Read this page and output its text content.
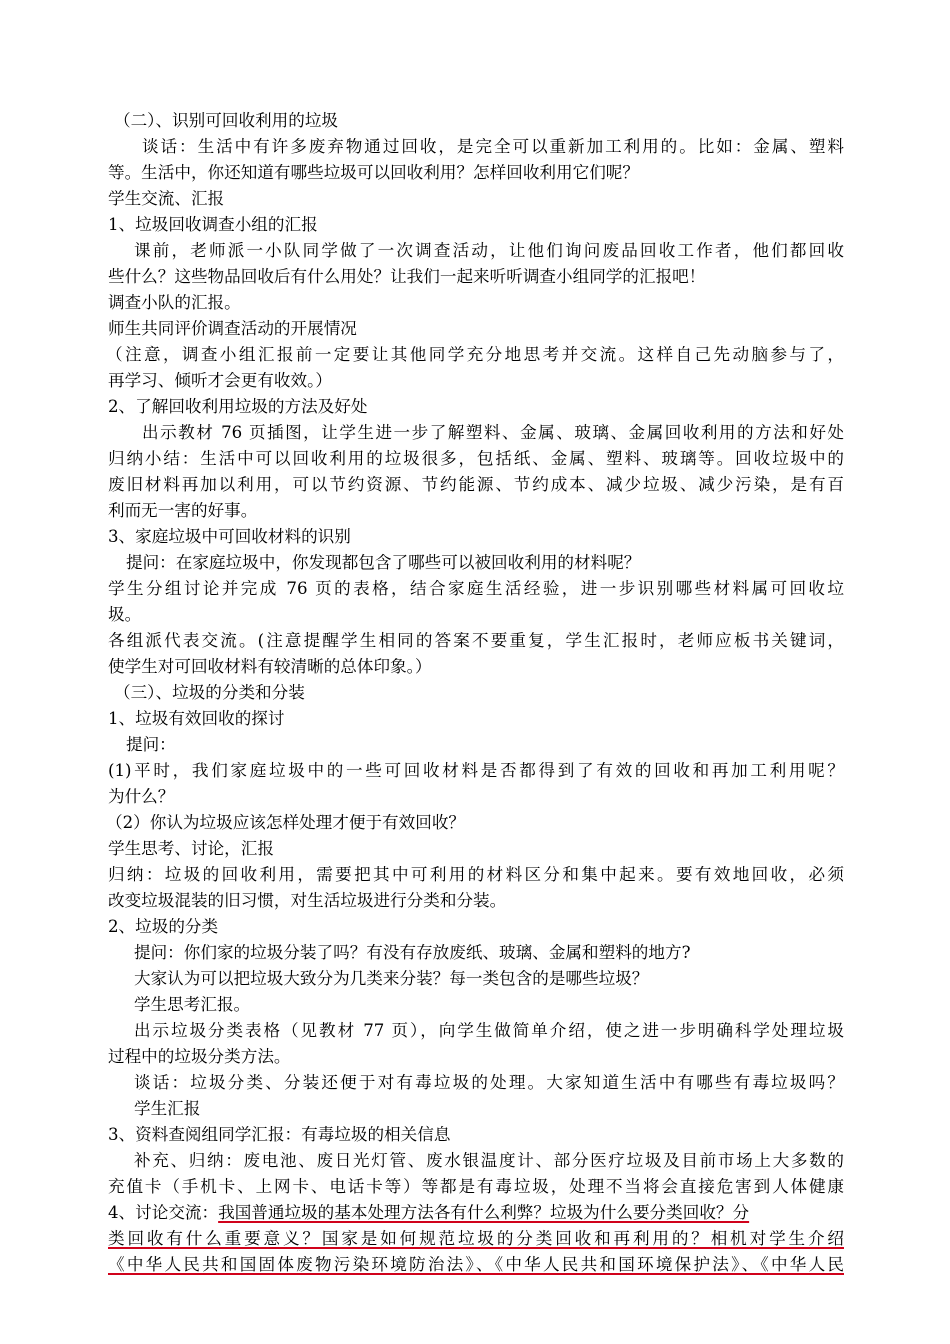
（二）、识别可回收利用的垃圾
谈话：生活中有许多废弃物通过回收，是完全可以重新加工利用的。比如：金属、塑料
等。生活中，你还知道有哪些垃圾可以回收利用？怎样回收利用它们呢？
学生交流、汇报
1、垃圾回收调查小组的汇报
课前，老师派一小队同学做了一次调查活动，让他们询问废品回收工作者，他们都回收
些什么？这些物品回收后有什么用处？让我们一起来听听调查小组同学的汇报吧！
调查小队的汇报。
师生共同评价调查活动的开展情况
（注意，调查小组汇报前一定要让其他同学充分地思考并交流。这样自己先动脑参与了，
再学习、倾听才会更有收效。）
2、了解回收利用垃圾的方法及好处
出示教材 76 页插图，让学生进一步了解塑料、金属、玻璃、金属回收利用的方法和好处
归纳小结：生活中可以回收利用的垃圾很多，包括纸、金属、塑料、玻璃等。回收垃圾中的
废旧材料再加以利用，可以节约资源、节约能源、节约成本、减少垃圾、减少污染，是有百
利而无一害的好事。
3、家庭垃圾中可回收材料的识别
提问：在家庭垃圾中，你发现都包含了哪些可以被回收利用的材料呢？
学生分组讨论并完成 76 页的表格，结合家庭生活经验，进一步识别哪些材料属可回收垃
圾。
各组派代表交流。(注意提醒学生相同的答案不要重复，学生汇报时，老师应板书关键词，
使学生对可回收材料有较清晰的总体印象。）
（三）、垃圾的分类和分装
1、垃圾有效回收的探讨
提问：
(1)平时，我们家庭垃圾中的一些可回收材料是否都得到了有效的回收和再加工利用呢？
为什么？
（2）你认为垃圾应该怎样处理才便于有效回收？
学生思考、讨论，汇报
归纳：垃圾的回收利用，需要把其中可利用的材料区分和集中起来。要有效地回收，必须
改变垃圾混装的旧习惯，对生活垃圾进行分类和分装。
2、垃圾的分类
提问：你们家的垃圾分装了吗？有没有存放废纸、玻璃、金属和塑料的地方?
大家认为可以把垃圾大致分为几类来分装？每一类包含的是哪些垃圾？
学生思考汇报。
出示垃圾分类表格（见教材 77 页），向学生做简单介绍，使之进一步明确科学处理垃圾
过程中的垃圾分类方法。
谈话：垃圾分类、分装还便于对有毒垃圾的处理。大家知道生活中有哪些有毒垃圾吗？
学生汇报
3、资料查阅组同学汇报：有毒垃圾的相关信息
补充、归纳：废电池、废日光灯管、废水银温度计、部分医疗垃圾及目前市场上大多数的
充值卡（手机卡、上网卡、电话卡等）等都是有毒垃圾，处理不当将会直接危害到人体健康
4、讨论交流：我国普通垃圾的基本处理方法各有什么利弊？垃圾为什么要分类回收？分
类回收有什么重要意义？国家是如何规范垃圾的分类回收和再利用的？相机对学生介绍
《中华人民共和国固体废物污染环境防治法》、《中华人民共和国环境保护法》、《中华人民
